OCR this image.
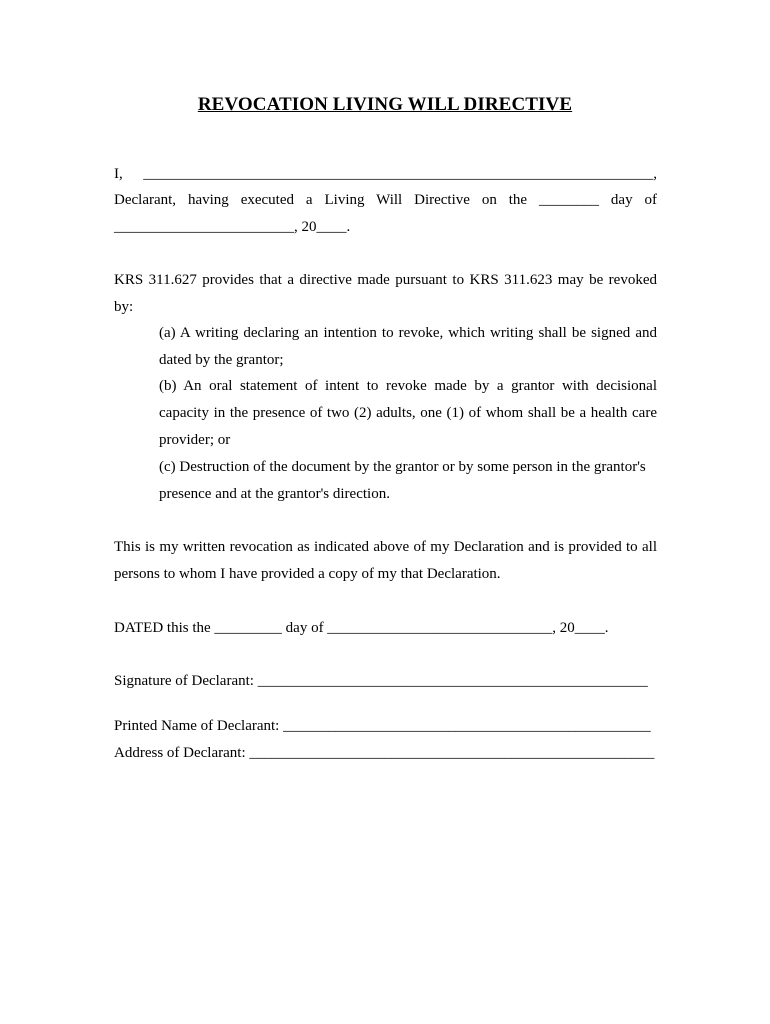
REVOCATION LIVING WILL DIRECTIVE
I, ____________________________________________________________________,
Declarant, having executed a Living Will Directive on the ________ day of
________________________, 20____.
KRS 311.627 provides that a directive made pursuant to KRS 311.623 may be revoked
by:
(a) A writing declaring an intention to revoke, which writing shall be signed and
dated by the grantor;
(b) An oral statement of intent to revoke made by a grantor with decisional
capacity in the presence of two (2) adults, one (1) of whom shall be a health care
provider; or
(c) Destruction of the document by the grantor or by some person in the grantor's
presence and at the grantor's direction.
This is my written revocation as indicated above of my Declaration and is provided to all
persons to whom I have provided a copy of my that Declaration.
DATED this the _________ day of ______________________________, 20____.
Signature of Declarant: ____________________________________________________
Printed Name of Declarant: _________________________________________________
Address of Declarant: ______________________________________________________
